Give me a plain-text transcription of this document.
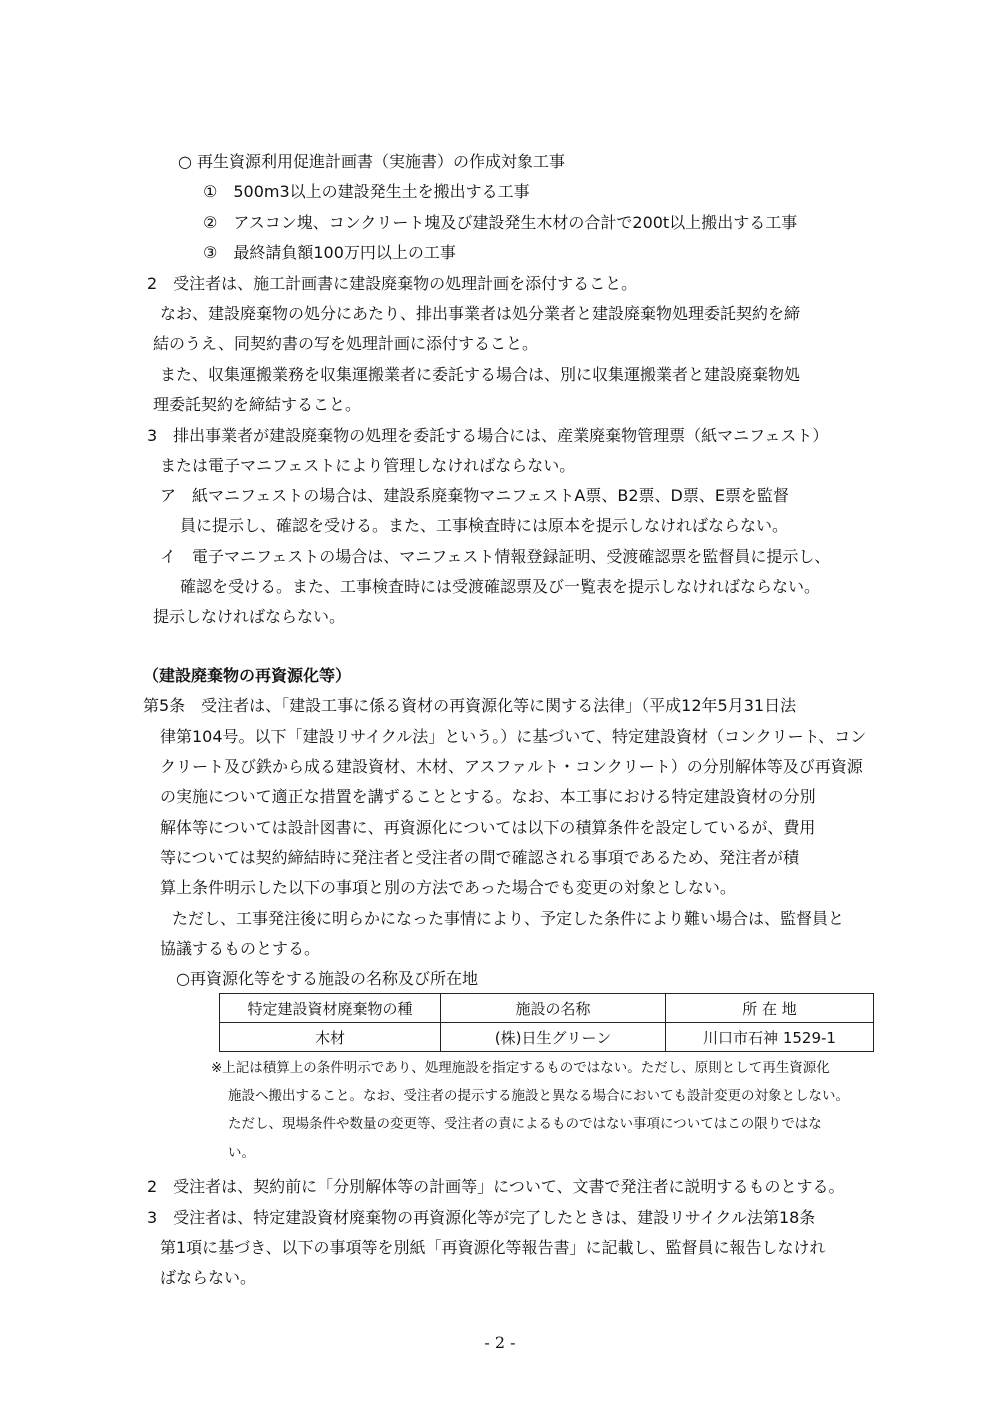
○ 再生資源利用促進計画書（実施書）の作成対象工事
①　500m3以上の建設発生土を搬出する工事
②　アスコン塊、コンクリート塊及び建設発生木材の合計で200t以上搬出する工事
③　最終請負額100万円以上の工事
2　受注者は、施工計画書に建設廃棄物の処理計画を添付すること。
なお、建設廃棄物の処分にあたり、排出事業者は処分業者と建設廃棄物処理委託契約を締
結のうえ、同契約書の写を処理計画に添付すること。
また、収集運搬業務を収集運搬業者に委託する場合は、別に収集運搬業者と建設廃棄物処
理委託契約を締結すること。
3　排出事業者が建設廃棄物の処理を委託する場合には、産業廃棄物管理票（紙マニフェスト）
または電子マニフェストにより管理しなければならない。
ア　紙マニフェストの場合は、建設系廃棄物マニフェストA票、B2票、D票、E票を監督
員に提示し、確認を受ける。また、工事検査時には原本を提示しなければならない。
イ　電子マニフェストの場合は、マニフェスト情報登録証明、受渡確認票を監督員に提示し、
確認を受ける。また、工事検査時には受渡確認票及び一覧表を提示しなければならない。
提示しなければならない。
（建設廃棄物の再資源化等）
第5条　受注者は、「建設工事に係る資材の再資源化等に関する法律」（平成12年5月31日法
律第104号。以下「建設リサイクル法」という。）に基づいて、特定建設資材（コンクリート、コン
クリート及び鉄から成る建設資材、木材、アスファルト・コンクリート）の分別解体等及び再資源
の実施について適正な措置を講ずることとする。なお、本工事における特定建設資材の分別
解体等については設計図書に、再資源化については以下の積算条件を設定しているが、費用
等については契約締結時に発注者と受注者の間で確認される事項であるため、発注者が積
算上条件明示した以下の事項と別の方法であった場合でも変更の対象としない。
ただし、工事発注後に明らかになった事情により、予定した条件により難い場合は、監督員と
協議するものとする。
○再資源化等をする施設の名称及び所在地
特定建設資材廃棄物の種	施設の名称	所 在 地
木材	(株)日生グリーン	川口市石神 1529-1
※上記は積算上の条件明示であり、処理施設を指定するものではない。ただし、原則として再生資源化
施設へ搬出すること。なお、受注者の提示する施設と異なる場合においても設計変更の対象としない。
ただし、現場条件や数量の変更等、受注者の責によるものではない事項についてはこの限りではな
い。
2　受注者は、契約前に「分別解体等の計画等」について、文書で発注者に説明するものとする。
3　受注者は、特定建設資材廃棄物の再資源化等が完了したときは、建設リサイクル法第18条
第1項に基づき、以下の事項等を別紙「再資源化等報告書」に記載し、監督員に報告しなけれ
ばならない。
- 2 -
